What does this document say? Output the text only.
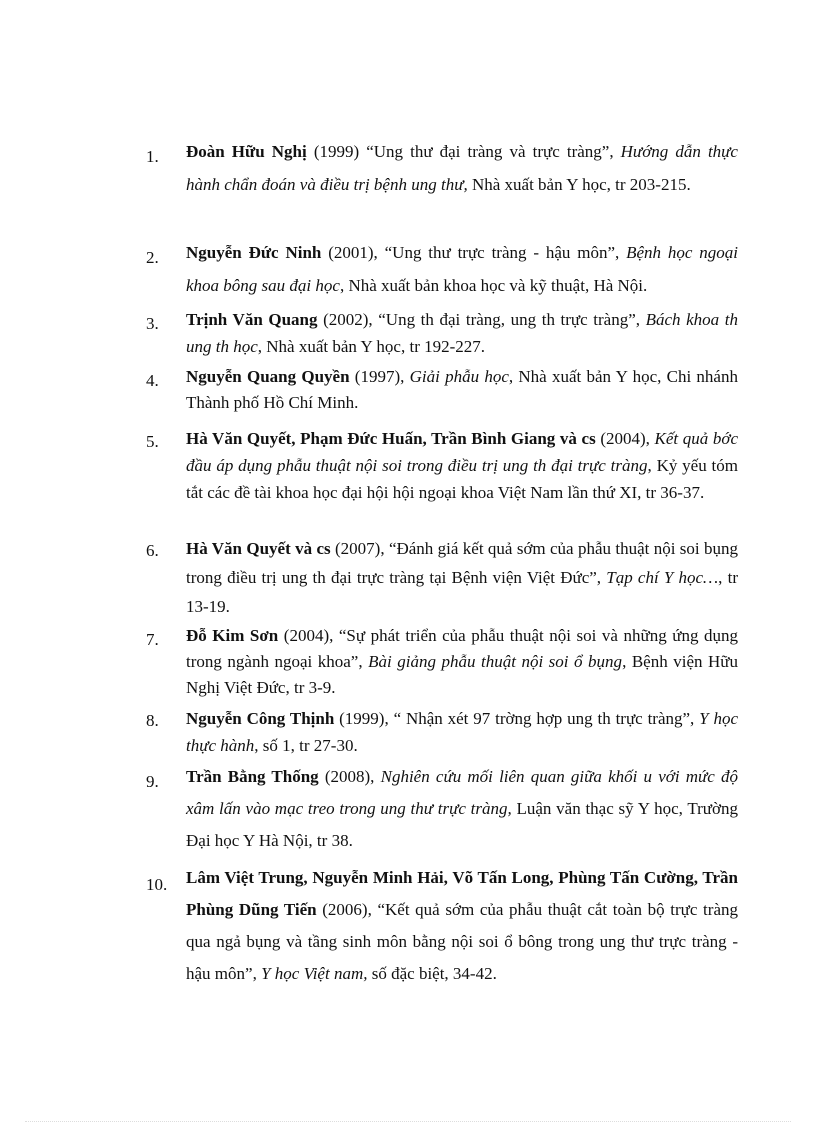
1. Đoàn Hữu Nghị (1999) “Ung thư đại tràng và trực tràng”, Hướng dẫn thực hành chẩn đoán và điều trị bệnh ung thư, Nhà xuất bản Y học, tr 203-215.
2. Nguyễn Đức Ninh (2001), “Ung thư trực tràng - hậu môn”, Bệnh học ngoại khoa bông sau đại học, Nhà xuất bản khoa học và kỹ thuật, Hà Nội.
3. Trịnh Văn Quang (2002), “Ung th đại tràng, ung th trực tràng”, Bách khoa th ung th học, Nhà xuất bản Y học, tr 192-227.
4. Nguyễn Quang Quyền (1997), Giải phẫu học, Nhà xuất bản Y học, Chi nhánh Thành phố Hồ Chí Minh.
5. Hà Văn Quyết, Phạm Đức Huấn, Trần Bình Giang và cs (2004), Kết quả bớc đầu áp dụng phẫu thuật nội soi trong điều trị ung th đại trực tràng, Kỷ yếu tóm tắt các đề tài khoa học đại hội hội ngoại khoa Việt Nam lần thứ XI, tr 36-37.
6. Hà Văn Quyết và cs (2007), “Đánh giá kết quả sớm của phẫu thuật nội soi bụng trong điều trị ung th đại trực tràng tại Bệnh viện Việt Đức”, Tạp chí Y học…, tr 13-19.
7. Đỗ Kim Sơn (2004), “Sự phát triển của phẫu thuật nội soi và những ứng dụng trong ngành ngoại khoa”, Bài giảng phẫu thuật nội soi ổ bụng, Bệnh viện Hữu Nghị Việt Đức, tr 3-9.
8. Nguyễn Công Thịnh (1999), “ Nhận xét 97 trờng hợp ung th trực tràng”, Y học thực hành, số 1, tr 27-30.
9. Trần Bằng Thống (2008), Nghiên cứu mối liên quan giữa khối u với mức độ xâm lấn vào mạc treo trong ung thư trực tràng, Luận văn thạc sỹ Y học, Trường Đại học Y Hà Nội, tr 38.
10. Lâm Việt Trung, Nguyễn Minh Hải, Võ Tấn Long, Phùng Tấn Cường, Trần Phùng Dũng Tiến (2006), “Kết quả sớm của phẫu thuật cắt toàn bộ trực tràng qua ngả bụng và tầng sinh môn bằng nội soi ổ bông trong ung thư trực tràng - hậu môn”, Y học Việt nam, số đặc biệt, 34-42.
